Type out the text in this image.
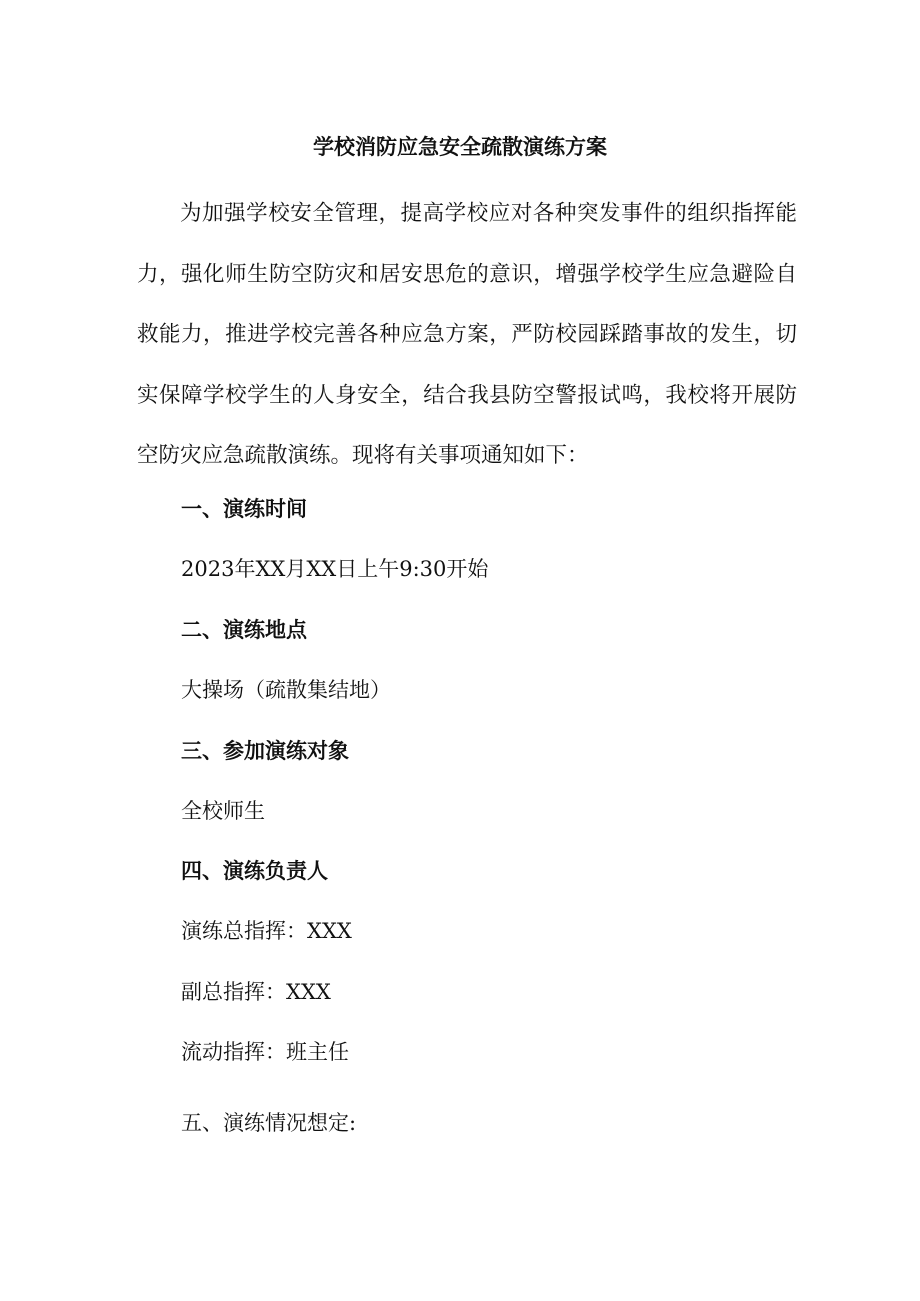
学校消防应急安全疏散演练方案

为加强学校安全管理，提高学校应对各种突发事件的组织指挥能力，强化师生防空防灾和居安思危的意识，增强学校学生应急避险自救能力，推进学校完善各种应急方案，严防校园踩踏事故的发生，切实保障学校学生的人身安全，结合我县防空警报试鸣，我校将开展防空防灾应急疏散演练。现将有关事项通知如下：

一、演练时间
2023年XX月XX日上午9:30开始
二、演练地点
大操场（疏散集结地）
三、参加演练对象
全校师生
四、演练负责人
演练总指挥：XXX
副总指挥：XXX
流动指挥：班主任
五、演练情况想定:
